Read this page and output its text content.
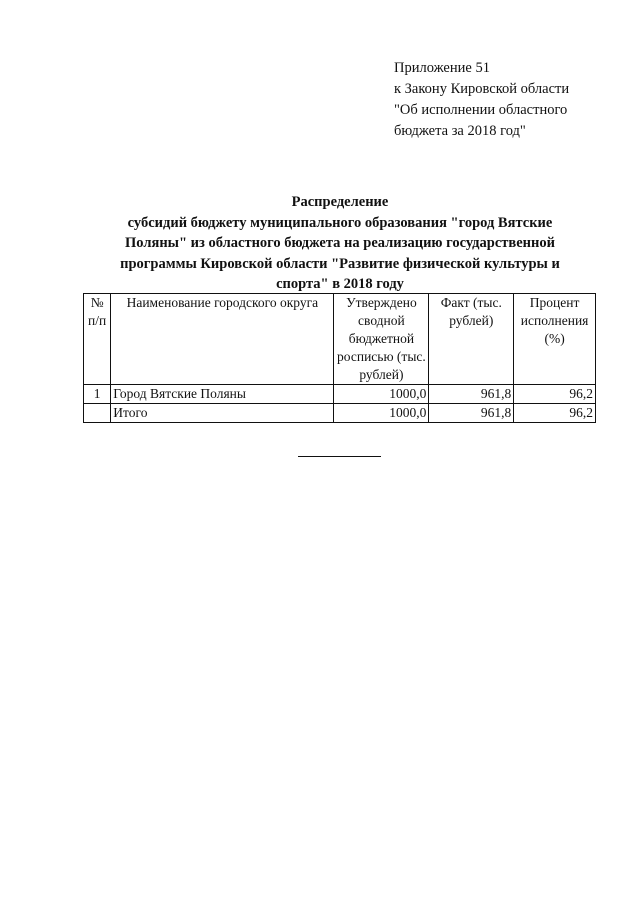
Приложение 51
к Закону Кировской области
"Об исполнении областного
бюджета за 2018 год"
Распределение
субсидий бюджету муниципального образования "город Вятские
Поляны" из областного бюджета на реализацию государственной
программы Кировской области "Развитие физической культуры и
спорта" в 2018 году
№ п/п	Наименование городского округа	Утверждено сводной бюджетной росписью (тыс. рублей)	Факт (тыс. рублей)	Процент исполнения (%)
1	Город Вятские Поляны	1000,0	961,8	96,2
	Итого	1000,0	961,8	96,2
